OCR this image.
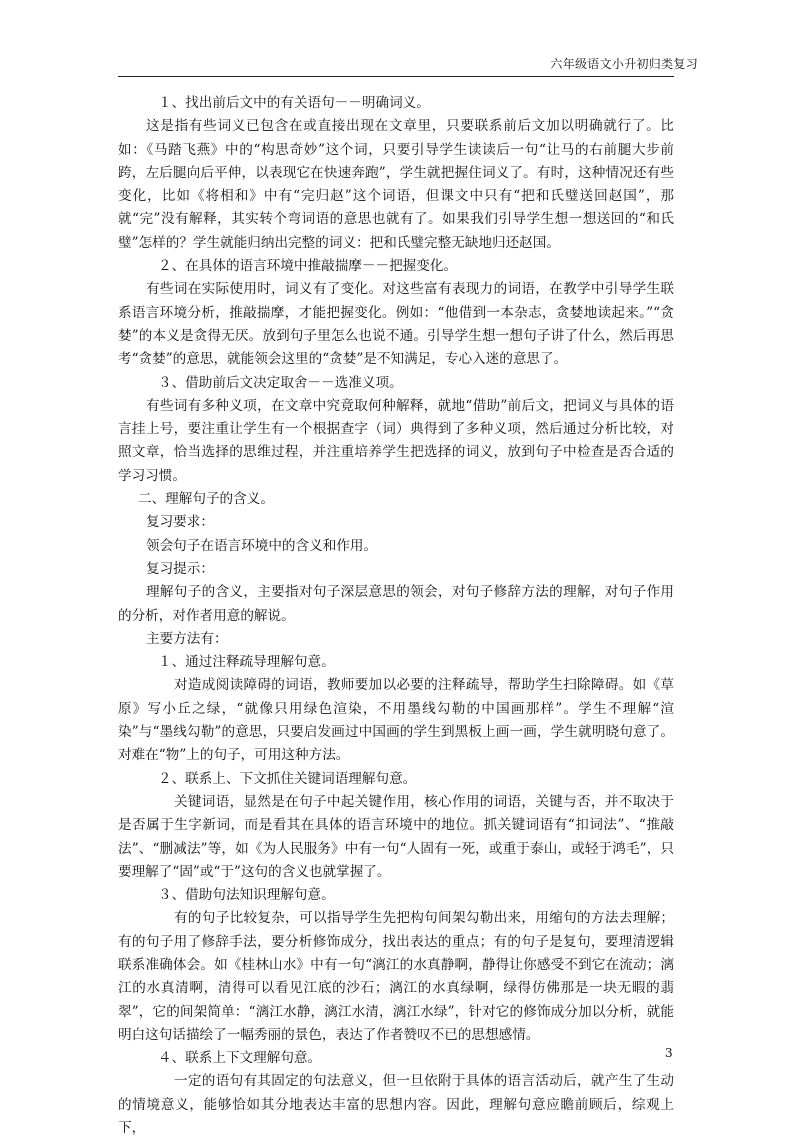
六年级语文小升初归类复习

１、找出前后文中的有关语句－－明确词义。

这是指有些词义已包含在或直接出现在文章里，只要联系前后文加以明确就行了。比如：《马踏飞燕》中的“构思奇妙”这个词，只要引导学生读读后一句“让马的右前腿大步前跨，左后腿向后平伸，以表现它在快速奔跑”，学生就把握住词义了。有时，这种情况还有些变化，比如《将相和》中有“完归赵”这个词语，但课文中只有“把和氏璧送回赵国”，那就“完”没有解释，其实转个弯词语的意思也就有了。如果我们引导学生想一想送回的“和氏璧”怎样的？学生就能归纳出完整的词义：把和氏璧完整无缺地归还赵国。

２、在具体的语言环境中推敲揣摩－－把握变化。

有些词在实际使用时，词义有了变化。对这些富有表现力的词语，在教学中引导学生联系语言环境分析，推敲揣摩，才能把握变化。例如：“他借到一本杂志，贪婪地读起来。”“贪婪”的本义是贪得无厌。放到句子里怎么也说不通。引导学生想一想句子讲了什么，然后再思考“贪婪”的意思，就能领会这里的“贪婪”是不知满足，专心入迷的意思了。

３、借助前后文决定取舍－－选准义项。

有些词有多种义项，在文章中究竟取何种解释，就地“借助”前后文，把词义与具体的语言挂上号，要注重让学生有一个根据查字（词）典得到了多种义项，然后通过分析比较，对照文章，恰当选择的思维过程，并注重培养学生把选择的词义，放到句子中检查是否合适的学习习惯。

二、理解句子的含义。

复习要求：

领会句子在语言环境中的含义和作用。

复习提示：

理解句子的含义，主要指对句子深层意思的领会，对句子修辞方法的理解，对句子作用的分析，对作者用意的解说。

主要方法有：

１、通过注释疏导理解句意。

对造成阅读障碍的词语，教师要加以必要的注释疏导，帮助学生扫除障碍。如《草原》写小丘之绿，“就像只用绿色渲染，不用墨线勾勒的中国画那样”。学生不理解“渲染”与“墨线勾勒”的意思，只要启发画过中国画的学生到黑板上画一画，学生就明晓句意了。对难在“物”上的句子，可用这种方法。

２、联系上、下文抓住关键词语理解句意。

关键词语，显然是在句子中起关键作用，核心作用的词语，关键与否，并不取决于是否属于生字新词，而是看其在具体的语言环境中的地位。抓关键词语有“扣词法”、“推敲法”、“删减法”等，如《为人民服务》中有一句“人固有一死，或重于泰山，或轻于鸿毛”，只要理解了“固”或“于”这句的含义也就掌握了。

３、借助句法知识理解句意。

有的句子比较复杂，可以指导学生先把构句间架勾勒出来，用缩句的方法去理解；有的句子用了修辞手法，要分析修饰成分，找出表达的重点；有的句子是复句，要理清逻辑联系准确体会。如《桂林山水》中有一句“漓江的水真静啊，静得让你感受不到它在流动；漓江的水真清啊，清得可以看见江底的沙石；漓江的水真绿啊，绿得仿佛那是一块无暇的翡翠”，它的间架简单：“漓江水静，漓江水清，漓江水绿”，针对它的修饰成分加以分析，就能明白这句话描绘了一幅秀丽的景色，表达了作者赞叹不已的思想感情。

４、联系上下文理解句意。

一定的语句有其固定的句法意义，但一旦依附于具体的语言活动后，就产生了生动的情境意义，能够恰如其分地表达丰富的思想内容。因此，理解句意应瞻前顾后，综观上下，

3
